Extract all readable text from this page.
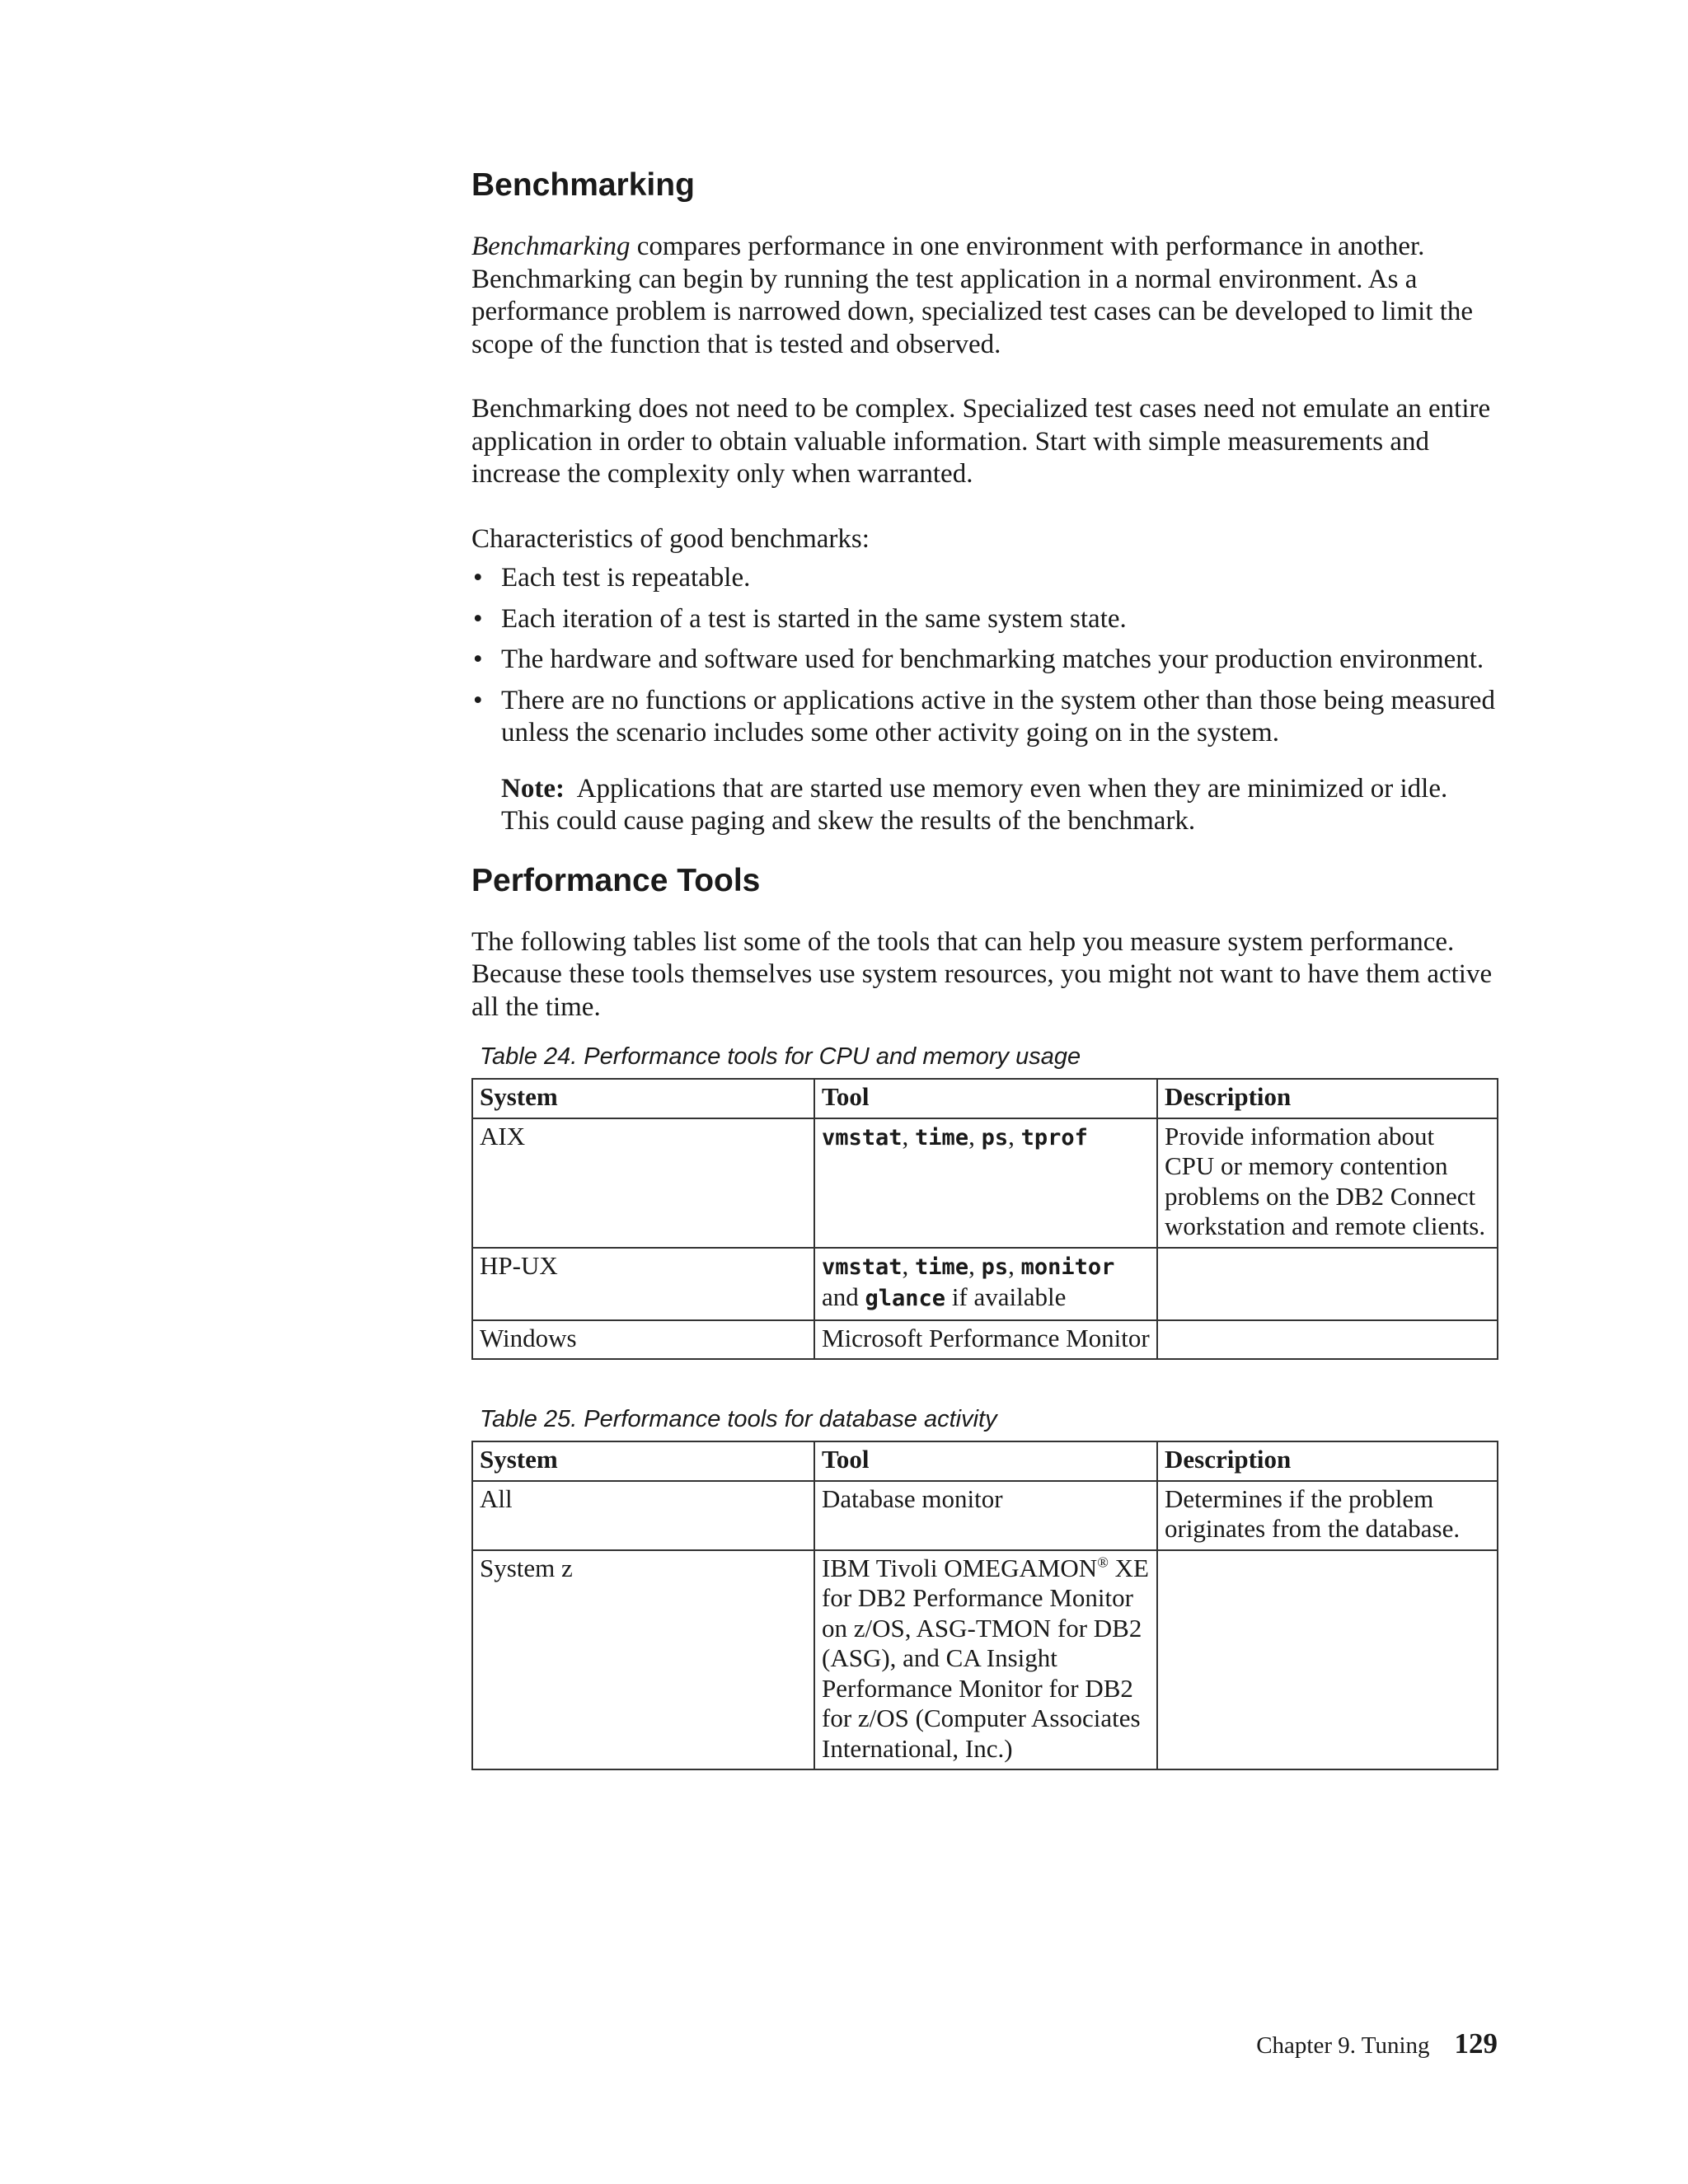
Benchmarking

Benchmarking compares performance in one environment with performance in another. Benchmarking can begin by running the test application in a normal environment. As a performance problem is narrowed down, specialized test cases can be developed to limit the scope of the function that is tested and observed.

Benchmarking does not need to be complex. Specialized test cases need not emulate an entire application in order to obtain valuable information. Start with simple measurements and increase the complexity only when warranted.

Characteristics of good benchmarks:

• Each test is repeatable.
• Each iteration of a test is started in the same system state.
• The hardware and software used for benchmarking matches your production environment.
• There are no functions or applications active in the system other than those being measured unless the scenario includes some other activity going on in the system.

Note: Applications that are started use memory even when they are minimized or idle. This could cause paging and skew the results of the benchmark.

Performance Tools

The following tables list some of the tools that can help you measure system performance. Because these tools themselves use system resources, you might not want to have them active all the time.

Table 24. Performance tools for CPU and memory usage
System	Tool	Description
AIX	vmstat, time, ps, tprof	Provide information about CPU or memory contention problems on the DB2 Connect workstation and remote clients.
HP-UX	vmstat, time, ps, monitor and glance if available	
Windows	Microsoft Performance Monitor	
Table 25. Performance tools for database activity
System	Tool	Description
All	Database monitor	Determines if the problem originates from the database.
System z	IBM Tivoli OMEGAMON® XE for DB2 Performance Monitor on z/OS, ASG-TMON for DB2 (ASG), and CA Insight Performance Monitor for DB2 for z/OS (Computer Associates International, Inc.)	
Chapter 9. Tuning 129
